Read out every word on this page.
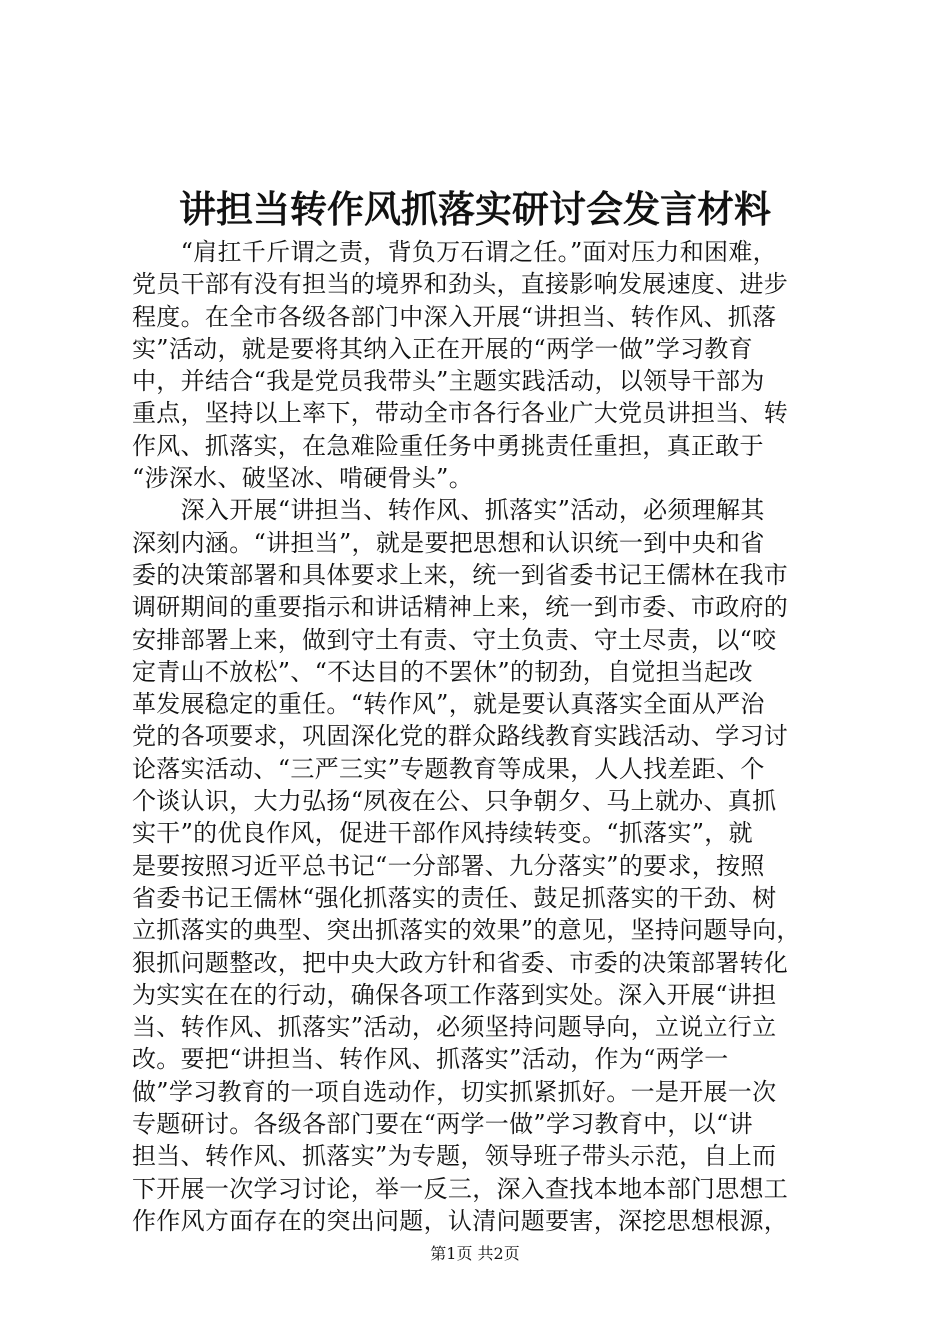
讲担当转作风抓落实研讨会发言材料
　　“肩扛千斤谓之责，背负万石谓之任。”面对压力和困难，
党员干部有没有担当的境界和劲头，直接影响发展速度、进步
程度。在全市各级各部门中深入开展“讲担当、转作风、抓落
实”活动，就是要将其纳入正在开展的“两学一做”学习教育
中，并结合“我是党员我带头”主题实践活动，以领导干部为
重点，坚持以上率下，带动全市各行各业广大党员讲担当、转
作风、抓落实，在急难险重任务中勇挑责任重担，真正敢于
“涉深水、破坚冰、啃硬骨头”。
　　深入开展“讲担当、转作风、抓落实”活动，必须理解其
深刻内涵。“讲担当”，就是要把思想和认识统一到中央和省
委的决策部署和具体要求上来，统一到省委书记王儒林在我市
调研期间的重要指示和讲话精神上来，统一到市委、市政府的
安排部署上来，做到守土有责、守土负责、守土尽责，以“咬
定青山不放松”、“不达目的不罢休”的韧劲，自觉担当起改
革发展稳定的重任。“转作风”，就是要认真落实全面从严治
党的各项要求，巩固深化党的群众路线教育实践活动、学习讨
论落实活动、“三严三实”专题教育等成果，人人找差距、个
个谈认识，大力弘扬“夙夜在公、只争朝夕、马上就办、真抓
实干”的优良作风，促进干部作风持续转变。“抓落实”，就
是要按照习近平总书记“一分部署、九分落实”的要求，按照
省委书记王儒林“强化抓落实的责任、鼓足抓落实的干劲、树
立抓落实的典型、突出抓落实的效果”的意见，坚持问题导向，
狠抓问题整改，把中央大政方针和省委、市委的决策部署转化
为实实在在的行动，确保各项工作落到实处。深入开展“讲担
当、转作风、抓落实”活动，必须坚持问题导向，立说立行立
改。要把“讲担当、转作风、抓落实”活动，作为“两学一
做”学习教育的一项自选动作，切实抓紧抓好。一是开展一次
专题研讨。各级各部门要在“两学一做”学习教育中，以“讲
担当、转作风、抓落实”为专题，领导班子带头示范，自上而
下开展一次学习讨论，举一反三，深入查找本地本部门思想工
作作风方面存在的突出问题，认清问题要害，深挖思想根源，
第1页 共2页
